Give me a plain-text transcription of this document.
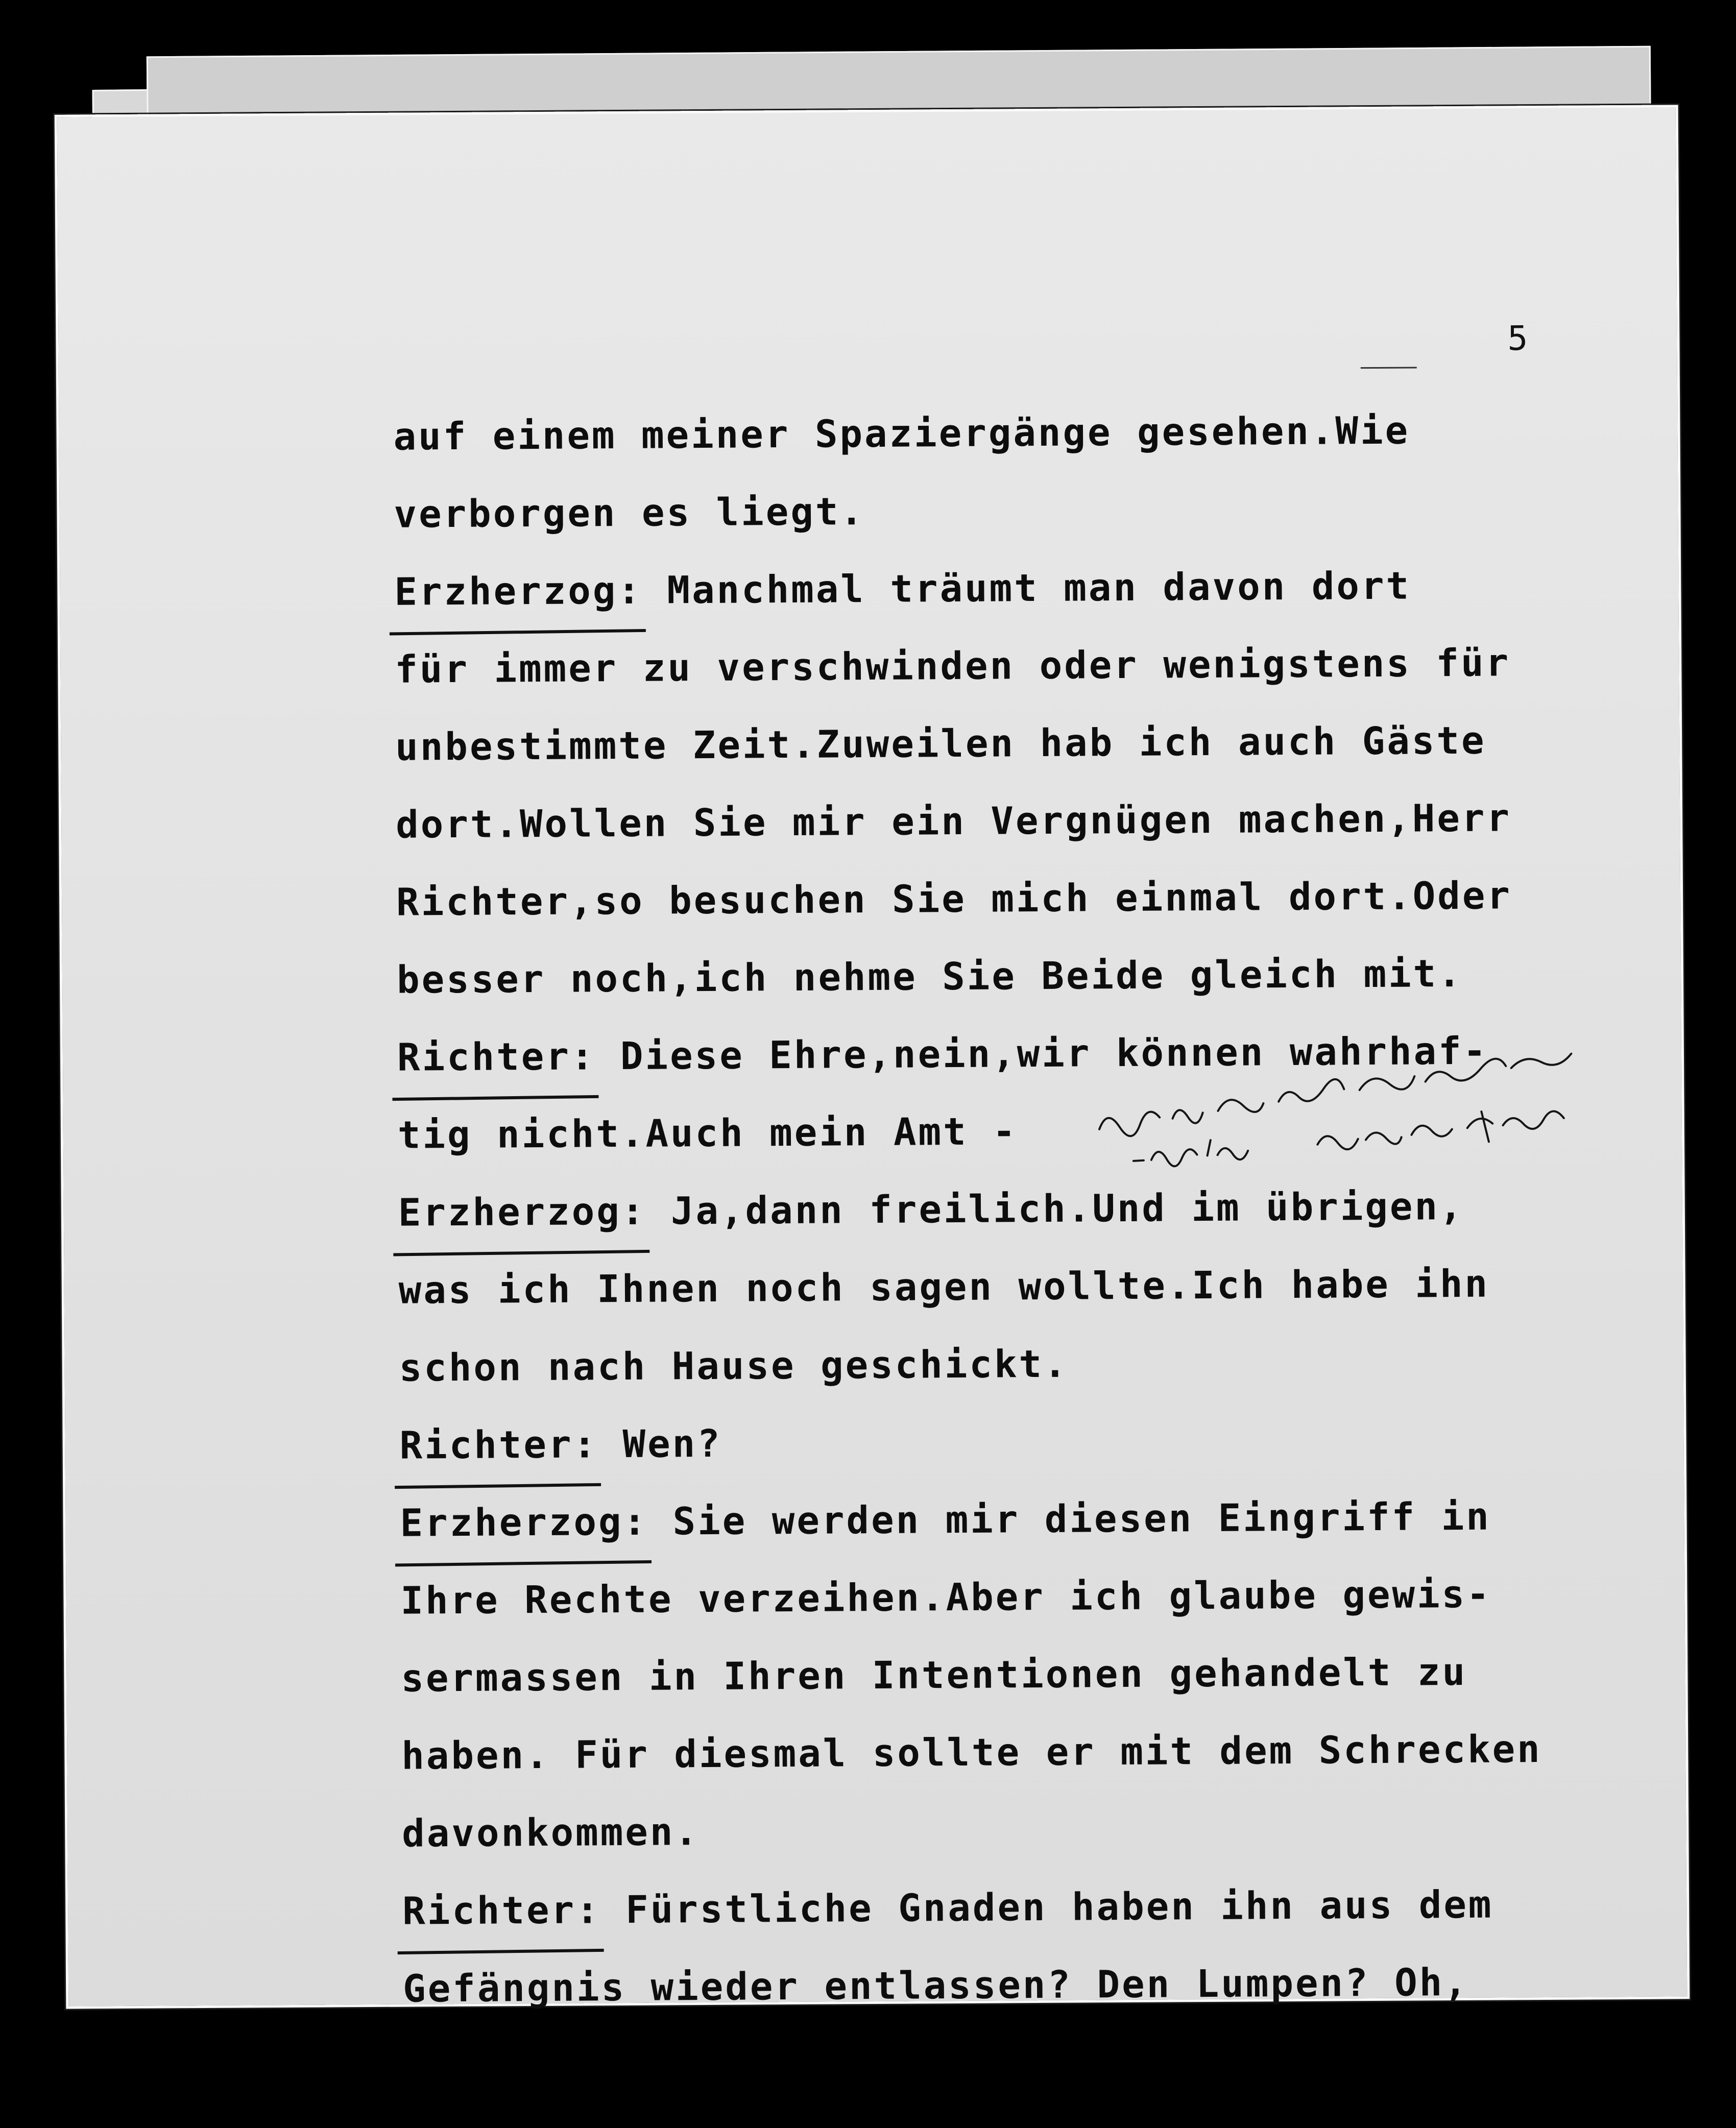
5
auf einem meiner Spaziergänge gesehen.Wie
verborgen es liegt.
Erzherzog: Manchmal träumt man davon dort
für immer zu verschwinden oder wenigstens für
unbestimmte Zeit.Zuweilen hab ich auch Gäste
dort.Wollen Sie mir ein Vergnügen machen,Herr
Richter,so besuchen Sie mich einmal dort.Oder
besser noch,ich nehme Sie Beide gleich mit.
Richter: Diese Ehre,nein,wir können wahrhaf-
tig nicht.Auch mein Amt -
Erzherzog: Ja,dann freilich.Und im übrigen,
was ich Ihnen noch sagen wollte.Ich habe ihn
schon nach Hause geschickt.
Richter: Wen?
Erzherzog: Sie werden mir diesen Eingriff in
Ihre Rechte verzeihen.Aber ich glaube gewis-
sermassen in Ihren Intentionen gehandelt zu
haben. Für diesmal sollte er mit dem Schrecken
davonkommen.
Richter: Fürstliche Gnaden haben ihn aus dem
Gefängnis wieder entlassen? Den Lumpen? Oh,
